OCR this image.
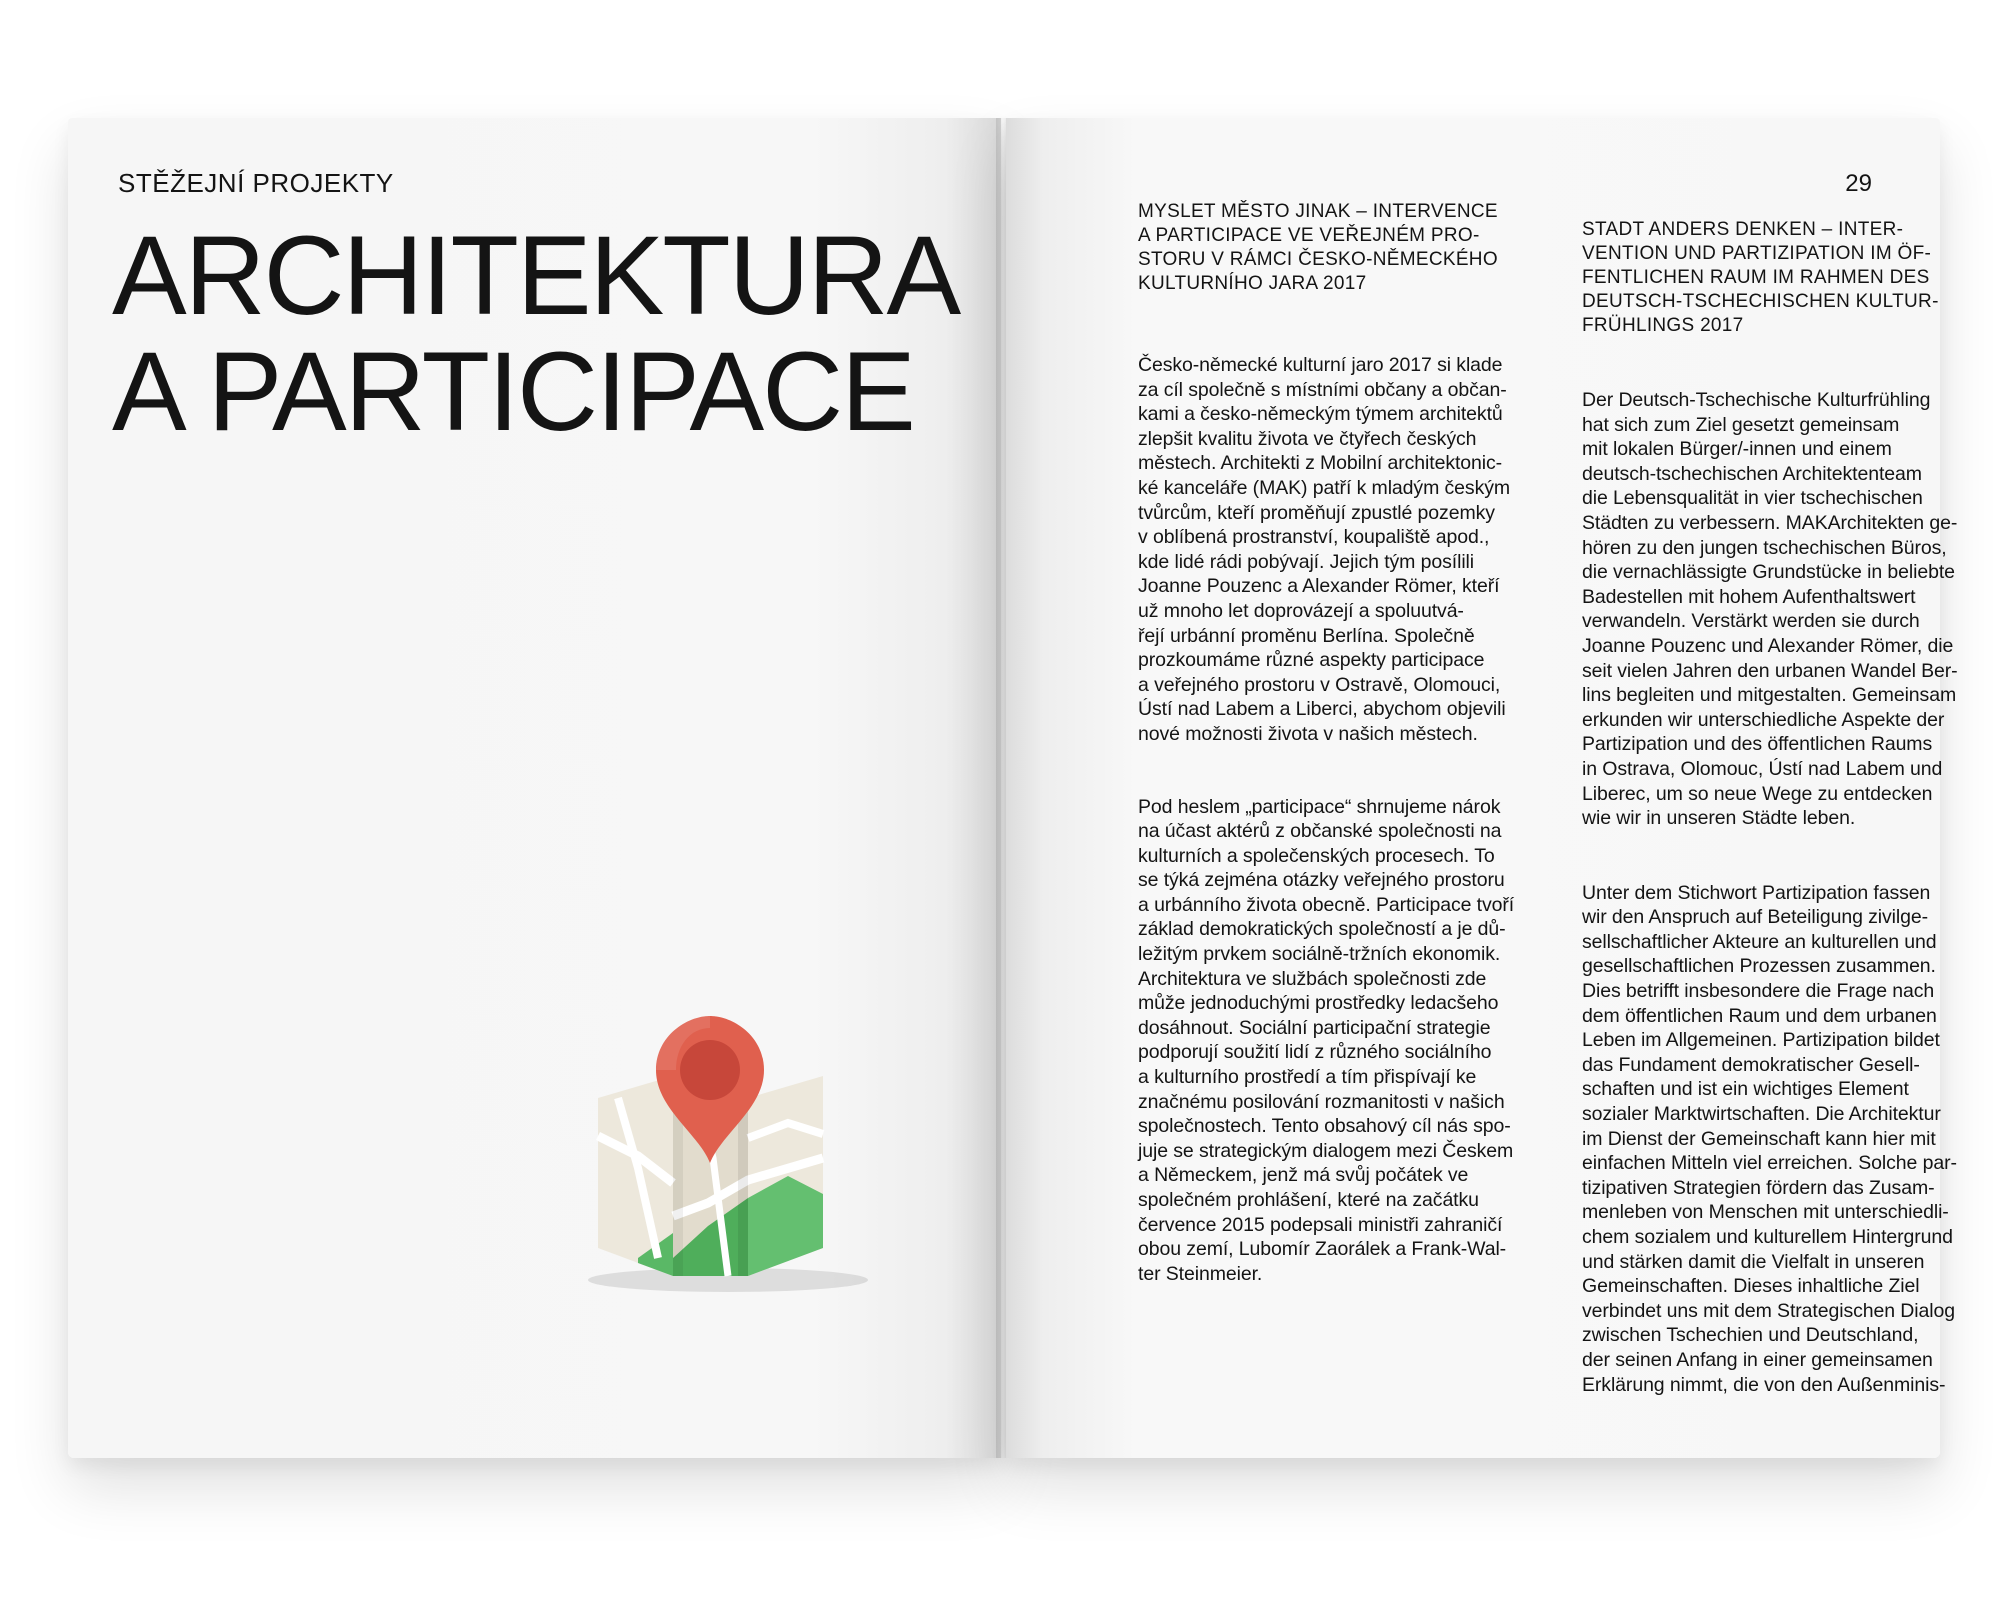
STĚŽEJNÍ PROJEKTY
ARCHITEKTURA
A PARTICIPACE
29
MYSLET MĚSTO JINAK – INTERVENCE
A PARTICIPACE VE VEŘEJNÉM PRO-
STORU V RÁMCI ČESKO-NĚMECKÉHO
KULTURNÍHO JARA 2017
Česko-německé kulturní jaro 2017 si klade
za cíl společně s místními občany a občan-
kami a česko-německým týmem architektů
zlepšit kvalitu života ve čtyřech českých
městech. Architekti z Mobilní architektonic-
ké kanceláře (MAK) patří k mladým českým
tvůrcům, kteří proměňují zpustlé pozemky
v oblíbená prostranství, koupaliště apod.,
kde lidé rádi pobývají. Jejich tým posílili
Joanne Pouzenc a Alexander Römer, kteří
už mnoho let doprovázejí a spoluutvá-
řejí urbánní proměnu Berlína. Společně
prozkoumáme různé aspekty participace
a veřejného prostoru v Ostravě, Olomouci,
Ústí nad Labem a Liberci, abychom objevili
nové možnosti života v našich městech.
Pod heslem „participace“ shrnujeme nárok
na účast aktérů z občanské společnosti na
kulturních a společenských procesech. To
se týká zejména otázky veřejného prostoru
a urbánního života obecně. Participace tvoří
základ demokratických společností a je dů-
ležitým prvkem sociálně-tržních ekonomik.
Architektura ve službách společnosti zde
může jednoduchými prostředky ledacšeho
dosáhnout. Sociální participační strategie
podporují soužití lidí z různého sociálního
a kulturního prostředí a tím přispívají ke
značnému posilování rozmanitosti v našich
společnostech. Tento obsahový cíl nás spo-
juje se strategickým dialogem mezi Českem
a Německem, jenž má svůj počátek ve
společném prohlášení, které na začátku
července 2015 podepsali ministři zahraničí
obou zemí, Lubomír Zaorálek a Frank-Wal-
ter Steinmeier.
STADT ANDERS DENKEN – INTER-
VENTION UND PARTIZIPATION IM ÖF-
FENTLICHEN RAUM IM RAHMEN DES
DEUTSCH-TSCHECHISCHEN KULTUR-
FRÜHLINGS 2017
Der Deutsch-Tschechische Kulturfrühling
hat sich zum Ziel gesetzt gemeinsam
mit lokalen Bürger/-innen und einem
deutsch-tschechischen Architektenteam
die Lebensqualität in vier tschechischen
Städten zu verbessern. MAKArchitekten ge-
hören zu den jungen tschechischen Büros,
die vernachlässigte Grundstücke in beliebte
Badestellen mit hohem Aufenthaltswert
verwandeln. Verstärkt werden sie durch
Joanne Pouzenc und Alexander Römer, die
seit vielen Jahren den urbanen Wandel Ber-
lins begleiten und mitgestalten. Gemeinsam
erkunden wir unterschiedliche Aspekte der
Partizipation und des öffentlichen Raums
in Ostrava, Olomouc, Ústí nad Labem und
Liberec, um so neue Wege zu entdecken
wie wir in unseren Städte leben.
Unter dem Stichwort Partizipation fassen
wir den Anspruch auf Beteiligung zivilge-
sellschaftlicher Akteure an kulturellen und
gesellschaftlichen Prozessen zusammen.
Dies betrifft insbesondere die Frage nach
dem öffentlichen Raum und dem urbanen
Leben im Allgemeinen. Partizipation bildet
das Fundament demokratischer Gesell-
schaften und ist ein wichtiges Element
sozialer Marktwirtschaften. Die Architektur
im Dienst der Gemeinschaft kann hier mit
einfachen Mitteln viel erreichen. Solche par-
tizipativen Strategien fördern das Zusam-
menleben von Menschen mit unterschiedli-
chem sozialem und kulturellem Hintergrund
und stärken damit die Vielfalt in unseren
Gemeinschaften. Dieses inhaltliche Ziel
verbindet uns mit dem Strategischen Dialog
zwischen Tschechien und Deutschland,
der seinen Anfang in einer gemeinsamen
Erklärung nimmt, die von den Außenminis-
